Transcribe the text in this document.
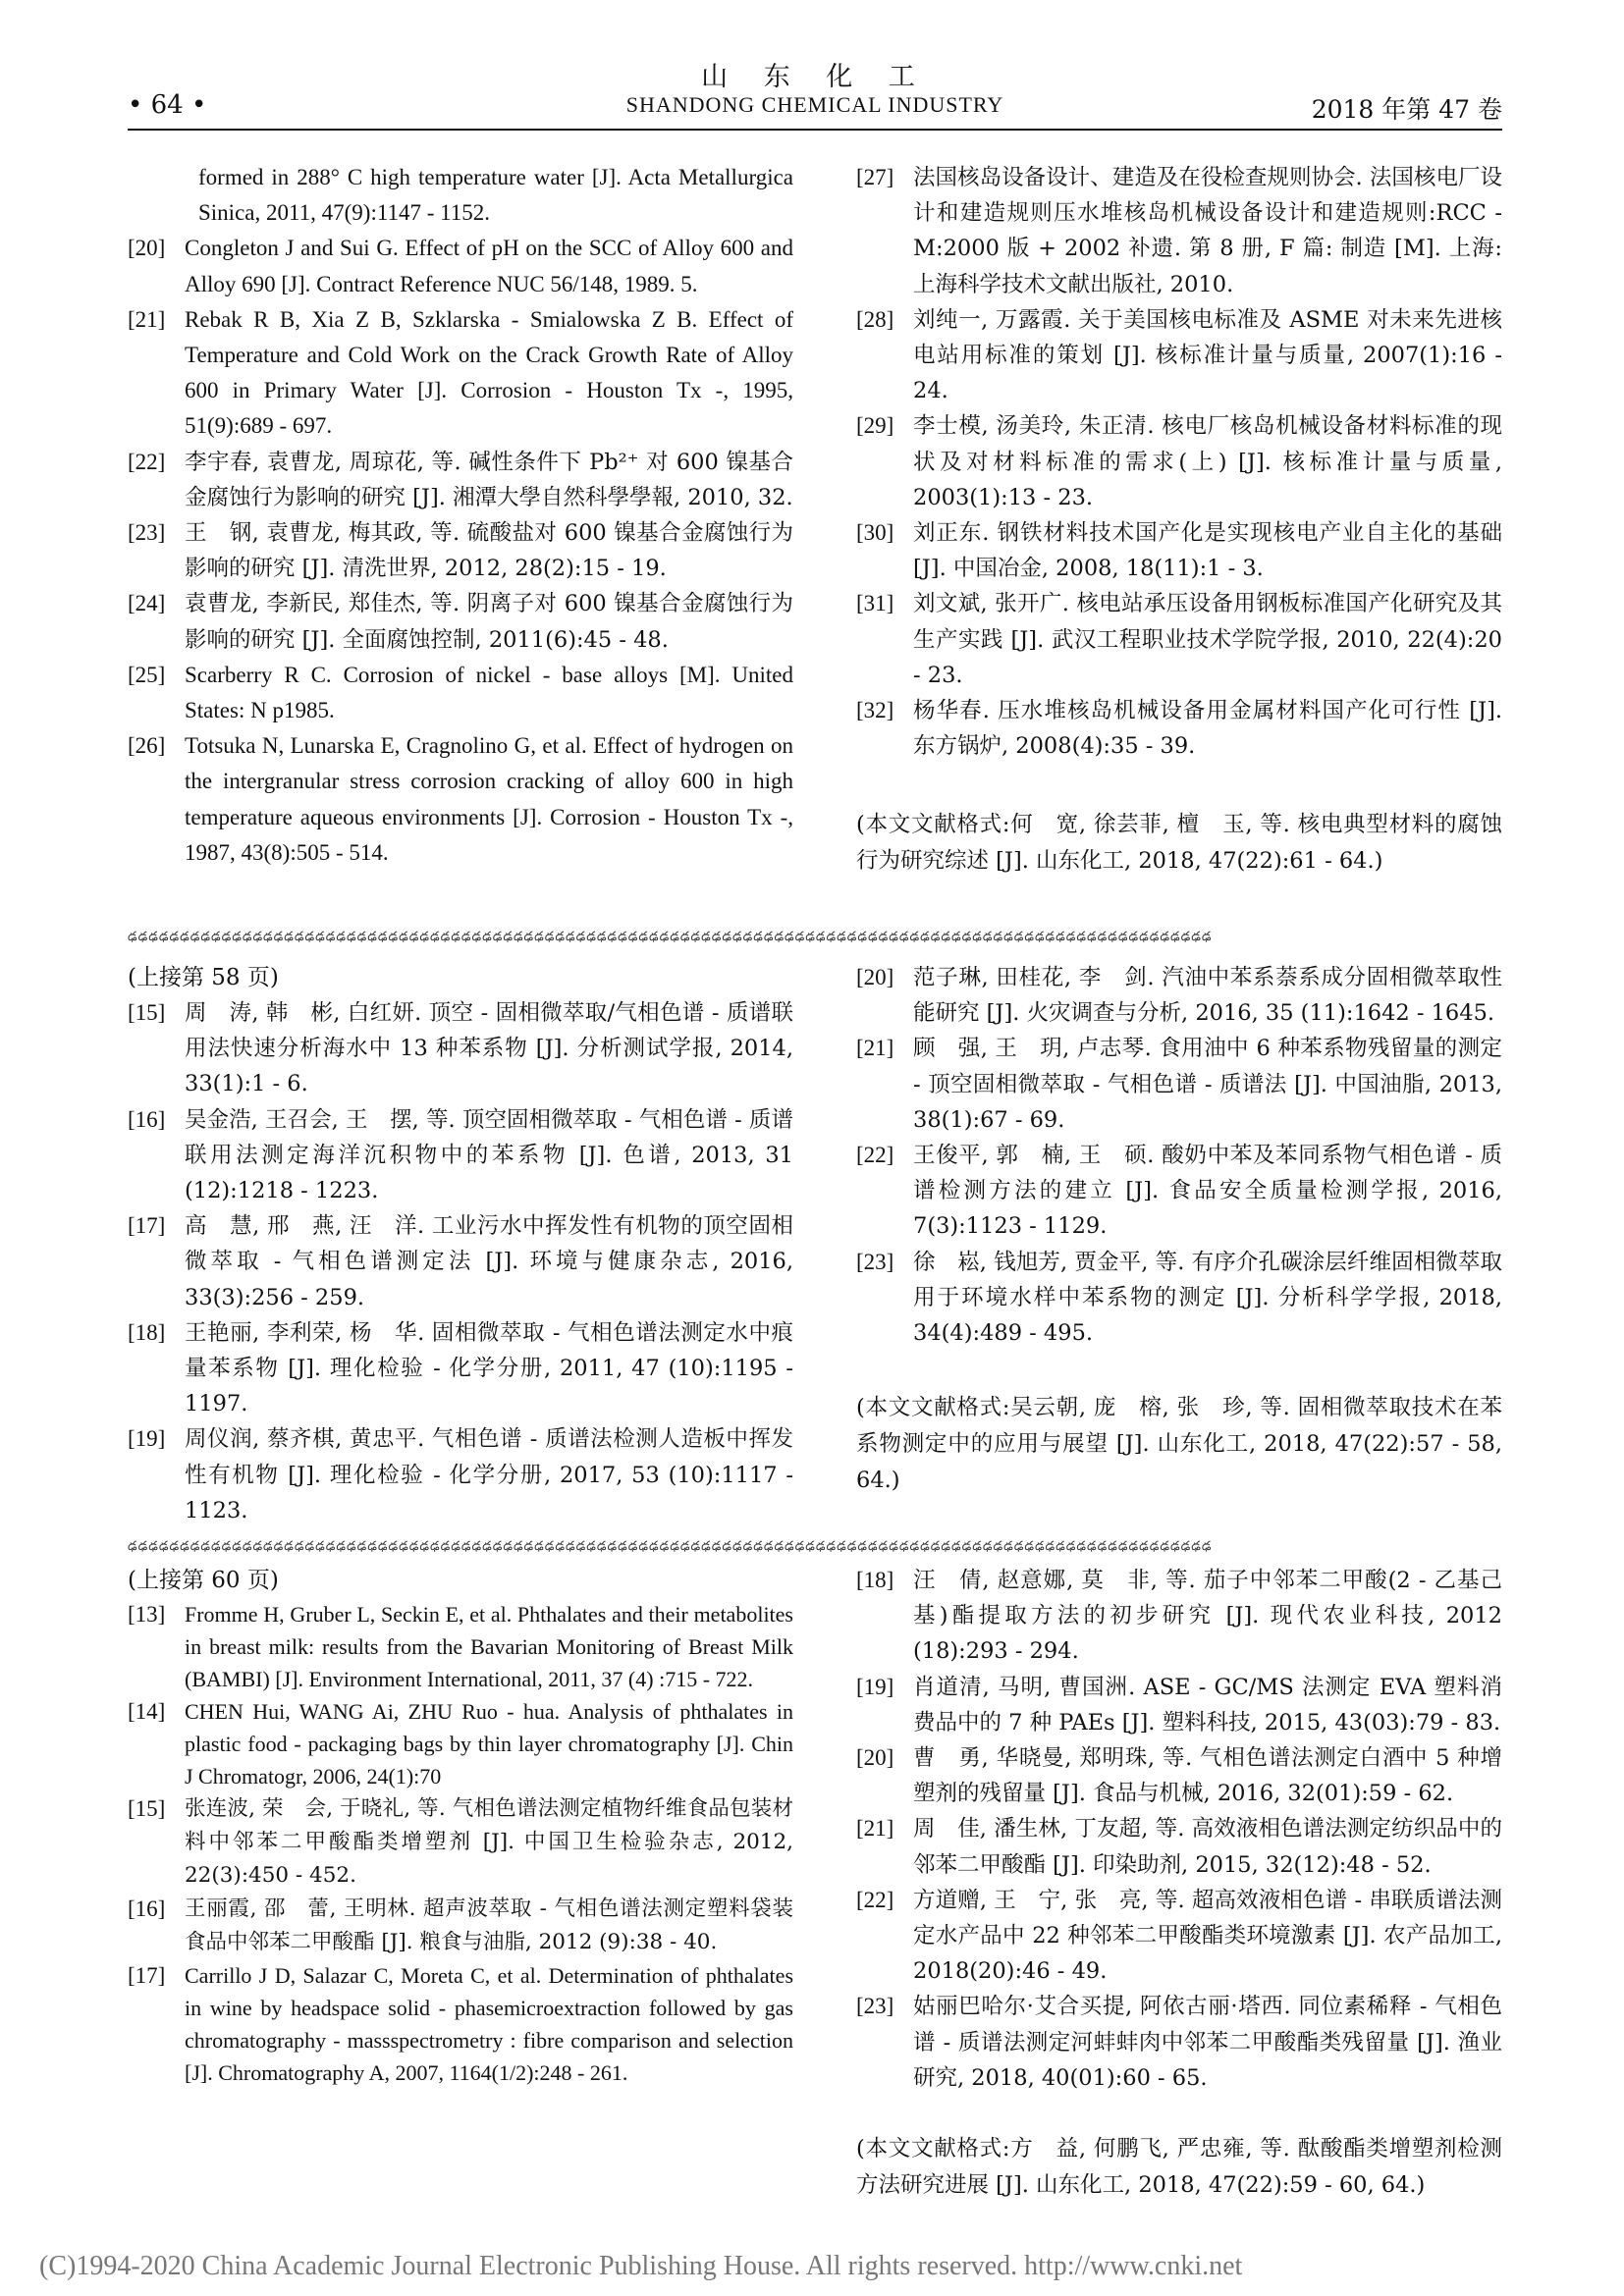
• 64 •
山 东 化 工
SHANDONG CHEMICAL INDUSTRY	2018 年第 47 卷
formed in 288° C high temperature water [J]. Acta Metallurgica Sinica, 2011, 47(9):1147 - 1152.
[20] Congleton J and Sui G. Effect of pH on the SCC of Alloy 600 and Alloy 690 [J]. Contract Reference NUC 56/148, 1989. 5.
[21] Rebak R B, Xia Z B, Szklarska - Smialowska Z B. Effect of Temperature and Cold Work on the Crack Growth Rate of Alloy 600 in Primary Water [J]. Corrosion - Houston Tx -, 1995, 51(9):689 - 697.
[22] 李宇春, 袁曹龙, 周琼花, 等. 碱性条件下 Pb²⁺ 对 600 镍基合金腐蚀行为影响的研究 [J]. 湘潭大學自然科學學報, 2010, 32.
[23] 王　钢, 袁曹龙, 梅其政, 等. 硫酸盐对 600 镍基合金腐蚀行为影响的研究 [J]. 清洗世界, 2012, 28(2):15 - 19.
[24] 袁曹龙, 李新民, 郑佳杰, 等. 阴离子对 600 镍基合金腐蚀行为影响的研究 [J]. 全面腐蚀控制, 2011(6):45 - 48.
[25] Scarberry R C. Corrosion of nickel - base alloys [M]. United States: N p1985.
[26] Totsuka N, Lunarska E, Cragnolino G, et al. Effect of hydrogen on the intergranular stress corrosion cracking of alloy 600 in high temperature aqueous environments [J]. Corrosion - Houston Tx -, 1987, 43(8):505 - 514.
[27] 法国核岛设备设计、建造及在役检查规则协会. 法国核电厂设计和建造规则压水堆核岛机械设备设计和建造规则:RCC - M:2000 版 + 2002 补遗. 第 8 册, F 篇: 制造 [M]. 上海:上海科学技术文献出版社, 2010.
[28] 刘纯一, 万露霞. 关于美国核电标准及 ASME 对未来先进核电站用标准的策划 [J]. 核标准计量与质量, 2007(1):16 - 24.
[29] 李士模, 汤美玲, 朱正清. 核电厂核岛机械设备材料标准的现状及对材料标准的需求(上) [J]. 核标准计量与质量, 2003(1):13 - 23.
[30] 刘正东. 钢铁材料技术国产化是实现核电产业自主化的基础 [J]. 中国冶金, 2008, 18(11):1 - 3.
[31] 刘文斌, 张开广. 核电站承压设备用钢板标准国产化研究及其生产实践 [J]. 武汉工程职业技术学院学报, 2010, 22(4):20 - 23.
[32] 杨华春. 压水堆核岛机械设备用金属材料国产化可行性 [J]. 东方锅炉, 2008(4):35 - 39.
(本文文献格式:何　宽, 徐芸菲, 檀　玉, 等. 核电典型材料的腐蚀行为研究综述 [J]. 山东化工, 2018, 47(22):61 - 64.)
ఢఢఢఢఢఢఢఢఢఢఢఢఢఢఢఢఢఢఢఢఢఢఢఢఢఢఢఢఢఢఢఢఢఢఢఢఢఢఢఢఢఢఢఢఢఢఢఢఢఢఢఢఢఢఢఢఢఢఢఢఢఢఢఢఢఢఢఢఢఢఢఢఢఢఢఢఢఢఢఢఢఢఢఢఢఢఢఢఢఢఢఢఢఢఢఢఢఢఢఢఢఢఢఢ
(上接第 58 页)
[15] 周　涛, 韩　彬, 白红妍. 顶空 - 固相微萃取/气相色谱 - 质谱联用法快速分析海水中 13 种苯系物 [J]. 分析测试学报, 2014, 33(1):1 - 6.
[16] 吴金浩, 王召会, 王　摆, 等. 顶空固相微萃取 - 气相色谱 - 质谱联用法测定海洋沉积物中的苯系物 [J]. 色谱, 2013, 31 (12):1218 - 1223.
[17] 高　慧, 邢　燕, 汪　洋. 工业污水中挥发性有机物的顶空固相微萃取 - 气相色谱测定法 [J]. 环境与健康杂志, 2016, 33(3):256 - 259.
[18] 王艳丽, 李利荣, 杨　华. 固相微萃取 - 气相色谱法测定水中痕量苯系物 [J]. 理化检验 - 化学分册, 2011, 47 (10):1195 - 1197.
[19] 周仪润, 蔡齐棋, 黄忠平. 气相色谱 - 质谱法检测人造板中挥发性有机物 [J]. 理化检验 - 化学分册, 2017, 53 (10):1117 - 1123.
[20] 范子琳, 田桂花, 李　剑. 汽油中苯系萘系成分固相微萃取性能研究 [J]. 火灾调查与分析, 2016, 35 (11):1642 - 1645.
[21] 顾　强, 王　玥, 卢志琴. 食用油中 6 种苯系物残留量的测定 - 顶空固相微萃取 - 气相色谱 - 质谱法 [J]. 中国油脂, 2013, 38(1):67 - 69.
[22] 王俊平, 郭　楠, 王　硕. 酸奶中苯及苯同系物气相色谱 - 质谱检测方法的建立 [J]. 食品安全质量检测学报, 2016, 7(3):1123 - 1129.
[23] 徐　崧, 钱旭芳, 贾金平, 等. 有序介孔碳涂层纤维固相微萃取用于环境水样中苯系物的测定 [J]. 分析科学学报, 2018, 34(4):489 - 495.
(本文文献格式:吴云朝, 庞　榕, 张　珍, 等. 固相微萃取技术在苯系物测定中的应用与展望 [J]. 山东化工, 2018, 47(22):57 - 58, 64.)
ఢఢఢఢఢఢఢఢఢఢఢఢఢఢఢఢఢఢఢఢఢఢఢఢఢఢఢఢఢఢఢఢఢఢఢఢఢఢఢఢఢఢఢఢఢఢఢఢఢఢఢఢఢఢఢఢఢఢఢఢఢఢఢఢఢఢఢఢఢఢఢఢఢఢఢఢఢఢఢఢఢఢఢఢఢఢఢఢఢఢఢఢఢఢఢఢఢఢఢఢఢఢఢఢ
(上接第 60 页)
[13] Fromme H, Gruber L, Seckin E, et al. Phthalates and their metabolites in breast milk: results from the Bavarian Monitoring of Breast Milk (BAMBI) [J]. Environment International, 2011, 37 (4) :715 - 722.
[14] CHEN Hui, WANG Ai, ZHU Ruo - hua. Analysis of phthalates in plastic food - packaging bags by thin layer chromatography [J]. Chin J Chromatogr, 2006, 24(1):70
[15] 张连波, 荣　会, 于晓礼, 等. 气相色谱法测定植物纤维食品包装材料中邻苯二甲酸酯类增塑剂 [J]. 中国卫生检验杂志, 2012, 22(3):450 - 452.
[16] 王丽霞, 邵　蕾, 王明林. 超声波萃取 - 气相色谱法测定塑料袋装食品中邻苯二甲酸酯 [J]. 粮食与油脂, 2012 (9):38 - 40.
[17] Carrillo J D, Salazar C, Moreta C, et al. Determination of phthalates in wine by headspace solid - phasemicroextraction followed by gas chromatography - massspectrometry : fibre comparison and selection [J]. Chromatography A, 2007, 1164(1/2):248 - 261.
[18] 汪　倩, 赵意娜, 莫　非, 等. 茄子中邻苯二甲酸(2 - 乙基己基)酯提取方法的初步研究 [J]. 现代农业科技, 2012 (18):293 - 294.
[19] 肖道清, 马明, 曹国洲. ASE - GC/MS 法测定 EVA 塑料消费品中的 7 种 PAEs [J]. 塑料科技, 2015, 43(03):79 - 83.
[20] 曹　勇, 华晓曼, 郑明珠, 等. 气相色谱法测定白酒中 5 种增塑剂的残留量 [J]. 食品与机械, 2016, 32(01):59 - 62.
[21] 周　佳, 潘生林, 丁友超, 等. 高效液相色谱法测定纺织品中的邻苯二甲酸酯 [J]. 印染助剂, 2015, 32(12):48 - 52.
[22] 方道赠, 王　宁, 张　亮, 等. 超高效液相色谱 - 串联质谱法测定水产品中 22 种邻苯二甲酸酯类环境激素 [J]. 农产品加工, 2018(20):46 - 49.
[23] 姑丽巴哈尔·艾合买提, 阿依古丽·塔西. 同位素稀释 - 气相色谱 - 质谱法测定河蚌蚌肉中邻苯二甲酸酯类残留量 [J]. 渔业研究, 2018, 40(01):60 - 65.
(本文文献格式:方　益, 何鹏飞, 严忠雍, 等. 酞酸酯类增塑剂检测方法研究进展 [J]. 山东化工, 2018, 47(22):59 - 60, 64.)
(C)1994-2020 China Academic Journal Electronic Publishing House. All rights reserved. http://www.cnki.net
